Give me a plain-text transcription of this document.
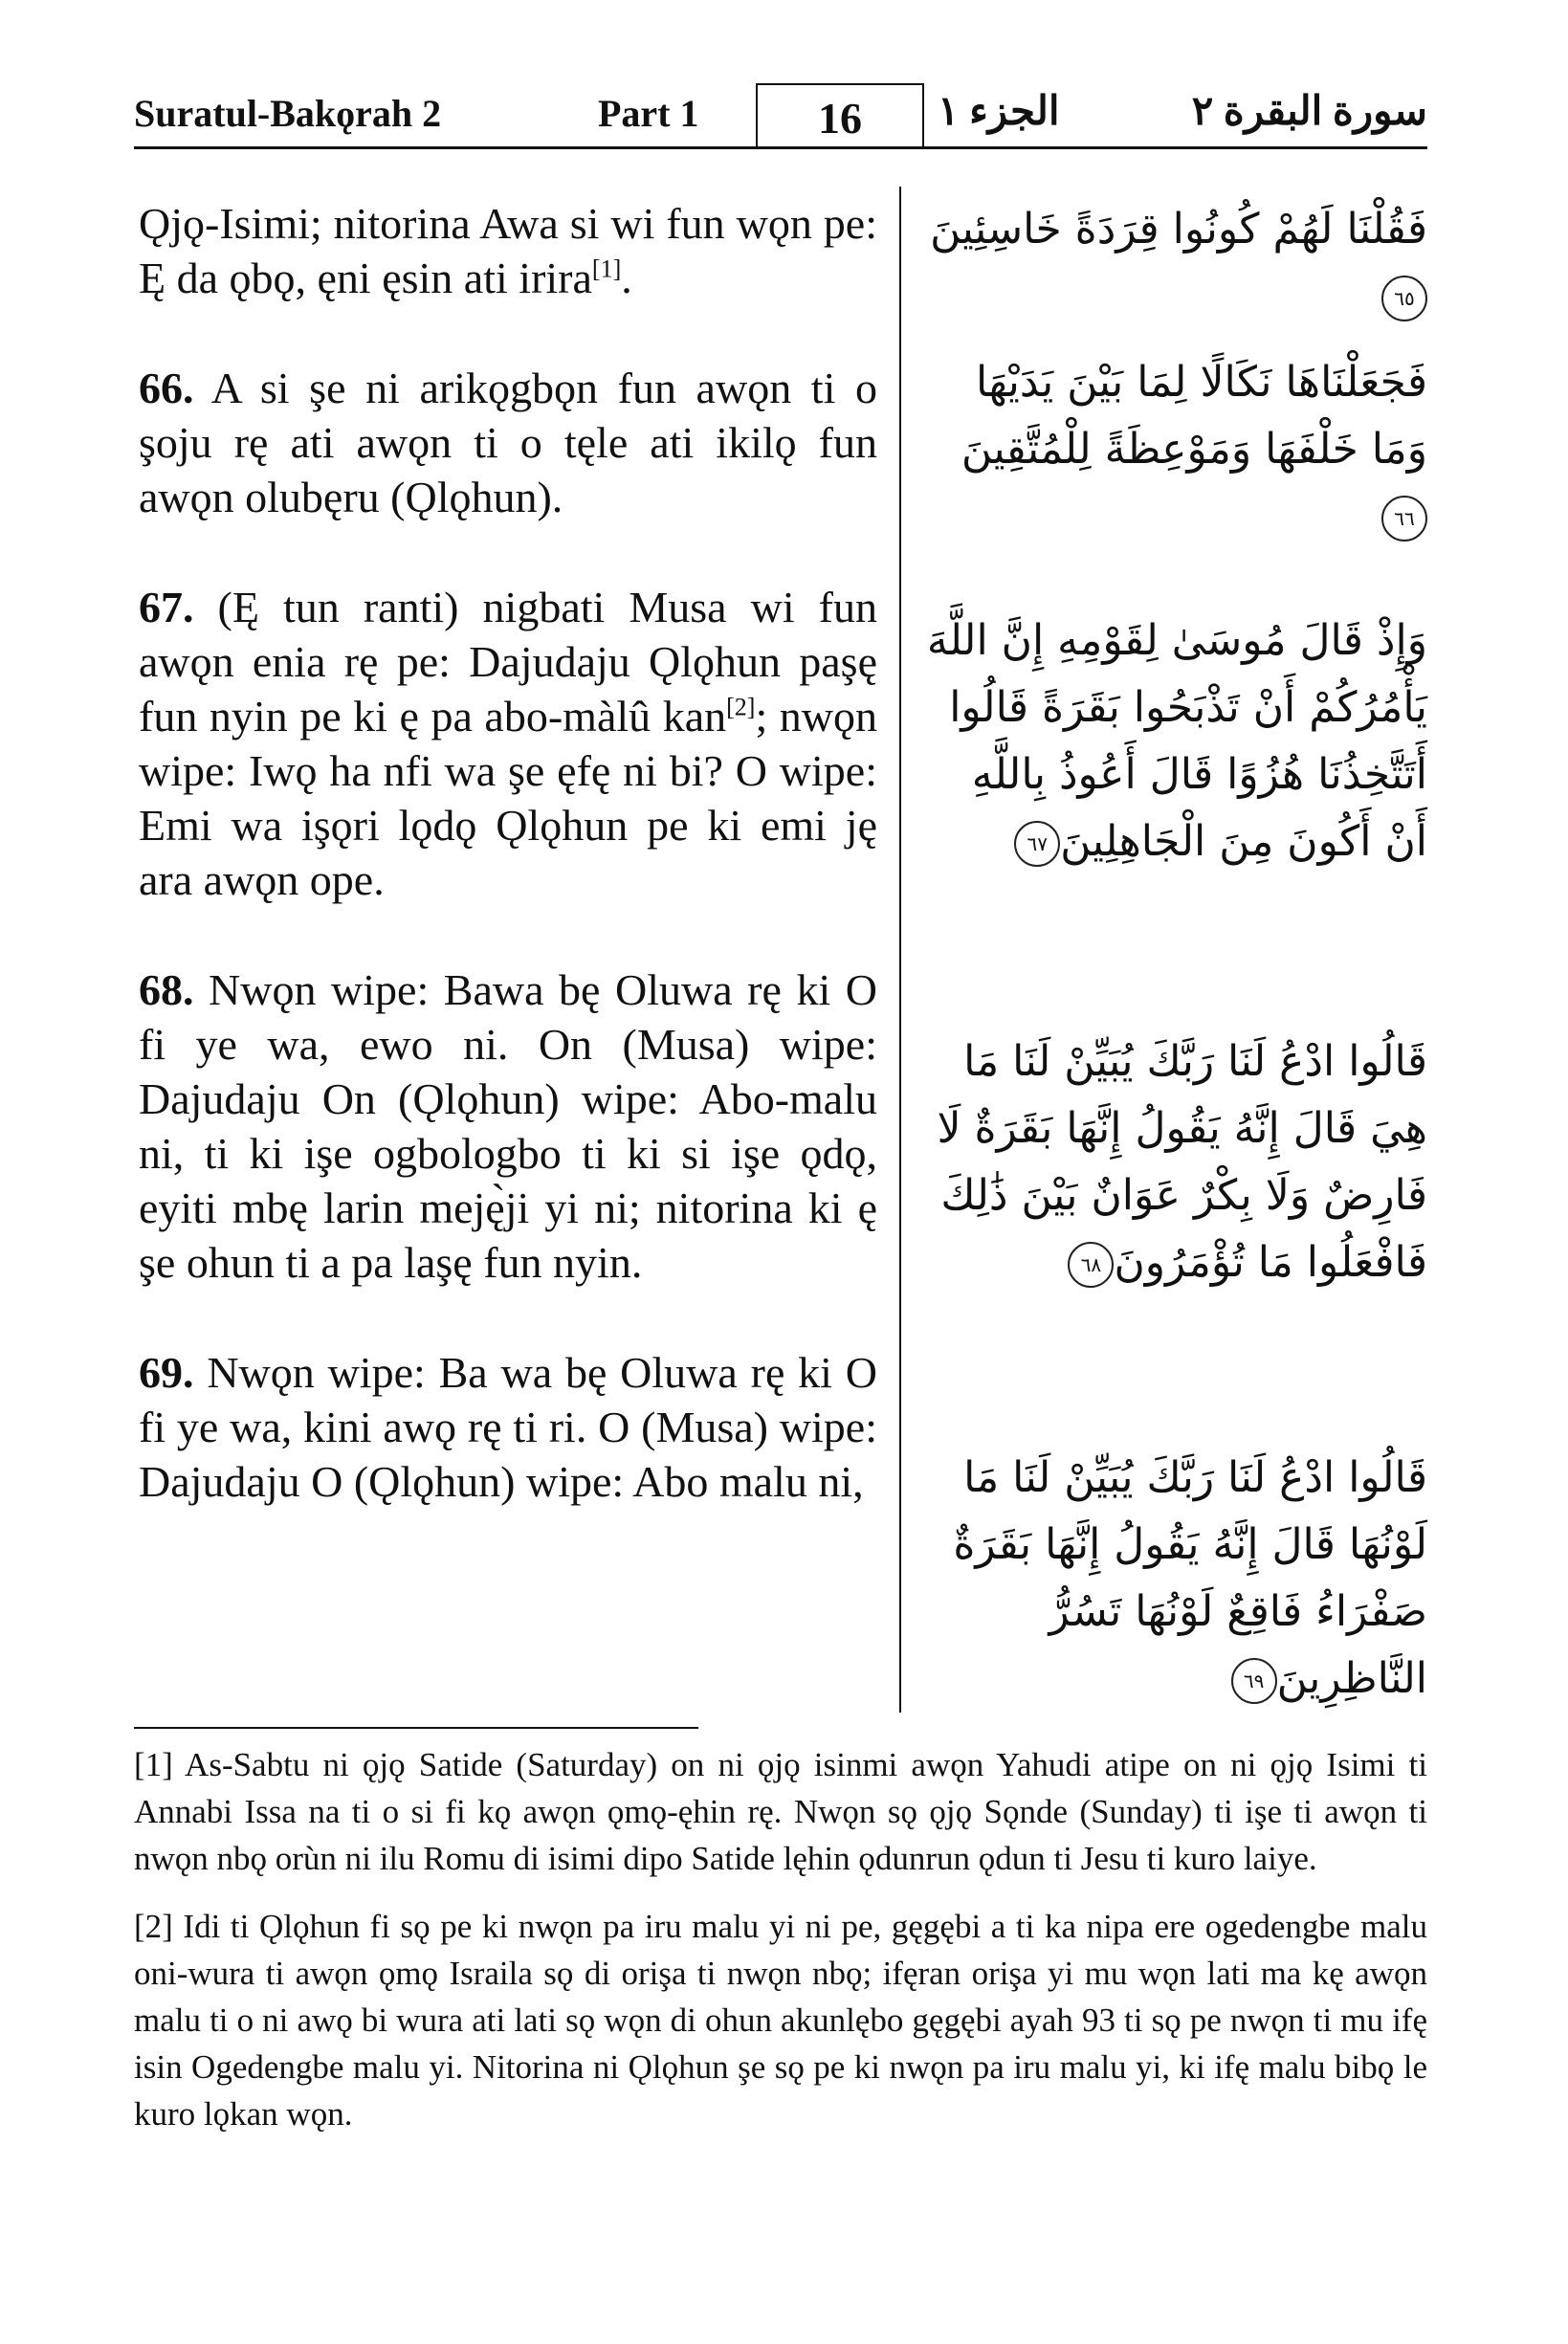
Suratul-Bakǫrah 2	Part 1	16	الجزء ١	سورة البقرة ٢

Ǫjǫ-Isimi; nitorina Awa si wi fun wǫn pe: Ę da ǫbǫ, ęni ęsin ati irira[1].

66. A si şe ni arikǫgbǫn fun awǫn ti o şoju rę ati awǫn ti o tęle ati ikilǫ fun awǫn olubęru (Ǫlǫhun).

67. (Ę tun ranti) nigbati Musa wi fun awǫn enia rę pe: Dajudaju Ǫlǫhun paşę fun nyin pe ki ę pa abo-màlû kan[2]; nwǫn wipe: Iwǫ ha nfi wa şe ęfę ni bi? O wipe: Emi wa işǫri lǫdǫ Ǫlǫhun pe ki emi ję ara awǫn ope.

68. Nwǫn wipe: Bawa bę Oluwa rę ki O fi ye wa, ewo ni. On (Musa) wipe: Dajudaju On (Ǫlǫhun) wipe: Abo-malu ni, ti ki işe ogbologbo ti ki si işe ǫdǫ, eyiti mbę larin meję̀ji yi ni; nitorina ki ę şe ohun ti a pa laşę fun nyin.

69. Nwǫn wipe: Ba wa bę Oluwa rę ki O fi ye wa, kini awǫ rę ti ri. O (Musa) wipe: Dajudaju O (Ǫlǫhun) wipe: Abo malu ni,

فَقُلْنَا لَهُمْ كُونُوا قِرَدَةً خَاسِئِينَ٦٥

فَجَعَلْنَاهَا نَكَالًا لِمَا بَيْنَ يَدَيْهَا وَمَا خَلْفَهَا وَمَوْعِظَةً لِلْمُتَّقِينَ٦٦

وَإِذْ قَالَ مُوسَىٰ لِقَوْمِهِ إِنَّ اللَّهَ يَأْمُرُكُمْ أَنْ تَذْبَحُوا بَقَرَةً قَالُوا أَتَتَّخِذُنَا هُزُوًا قَالَ أَعُوذُ بِاللَّهِ أَنْ أَكُونَ مِنَ الْجَاهِلِينَ٦٧

قَالُوا ادْعُ لَنَا رَبَّكَ يُبَيِّنْ لَنَا مَا هِيَ قَالَ إِنَّهُ يَقُولُ إِنَّهَا بَقَرَةٌ لَا فَارِضٌ وَلَا بِكْرٌ عَوَانٌ بَيْنَ ذَٰلِكَ فَافْعَلُوا مَا تُؤْمَرُونَ٦٨

قَالُوا ادْعُ لَنَا رَبَّكَ يُبَيِّنْ لَنَا مَا لَوْنُهَا قَالَ إِنَّهُ يَقُولُ إِنَّهَا بَقَرَةٌ صَفْرَاءُ فَاقِعٌ لَوْنُهَا تَسُرُّ النَّاظِرِينَ٦٩

[1] As-Sabtu ni ǫjǫ Satide (Saturday) on ni ǫjǫ isinmi awǫn Yahudi atipe on ni ǫjǫ Isimi ti Annabi Issa na ti o si fi kǫ awǫn ǫmǫ-ęhin rę. Nwǫn sǫ ǫjǫ Sǫnde (Sunday) ti işe ti awǫn ti nwǫn nbǫ orùn ni ilu Romu di isimi dipo Satide lęhin ǫdunrun ǫdun ti Jesu ti kuro laiye.

[2] Idi ti Ǫlǫhun fi sǫ pe ki nwǫn pa iru malu yi ni pe, gęgębi a ti ka nipa ere ogedengbe malu oni-wura ti awǫn ǫmǫ Israila sǫ di orişa ti nwǫn nbǫ; ifęran orişa yi mu wǫn lati ma kę awǫn malu ti o ni awǫ bi wura ati lati sǫ wǫn di ohun akunlębo gęgębi ayah 93 ti sǫ pe nwǫn ti mu ifę isin Ogedengbe malu yi. Nitorina ni Ǫlǫhun şe sǫ pe ki nwǫn pa iru malu yi, ki ifę malu bibǫ le kuro lǫkan wǫn.
